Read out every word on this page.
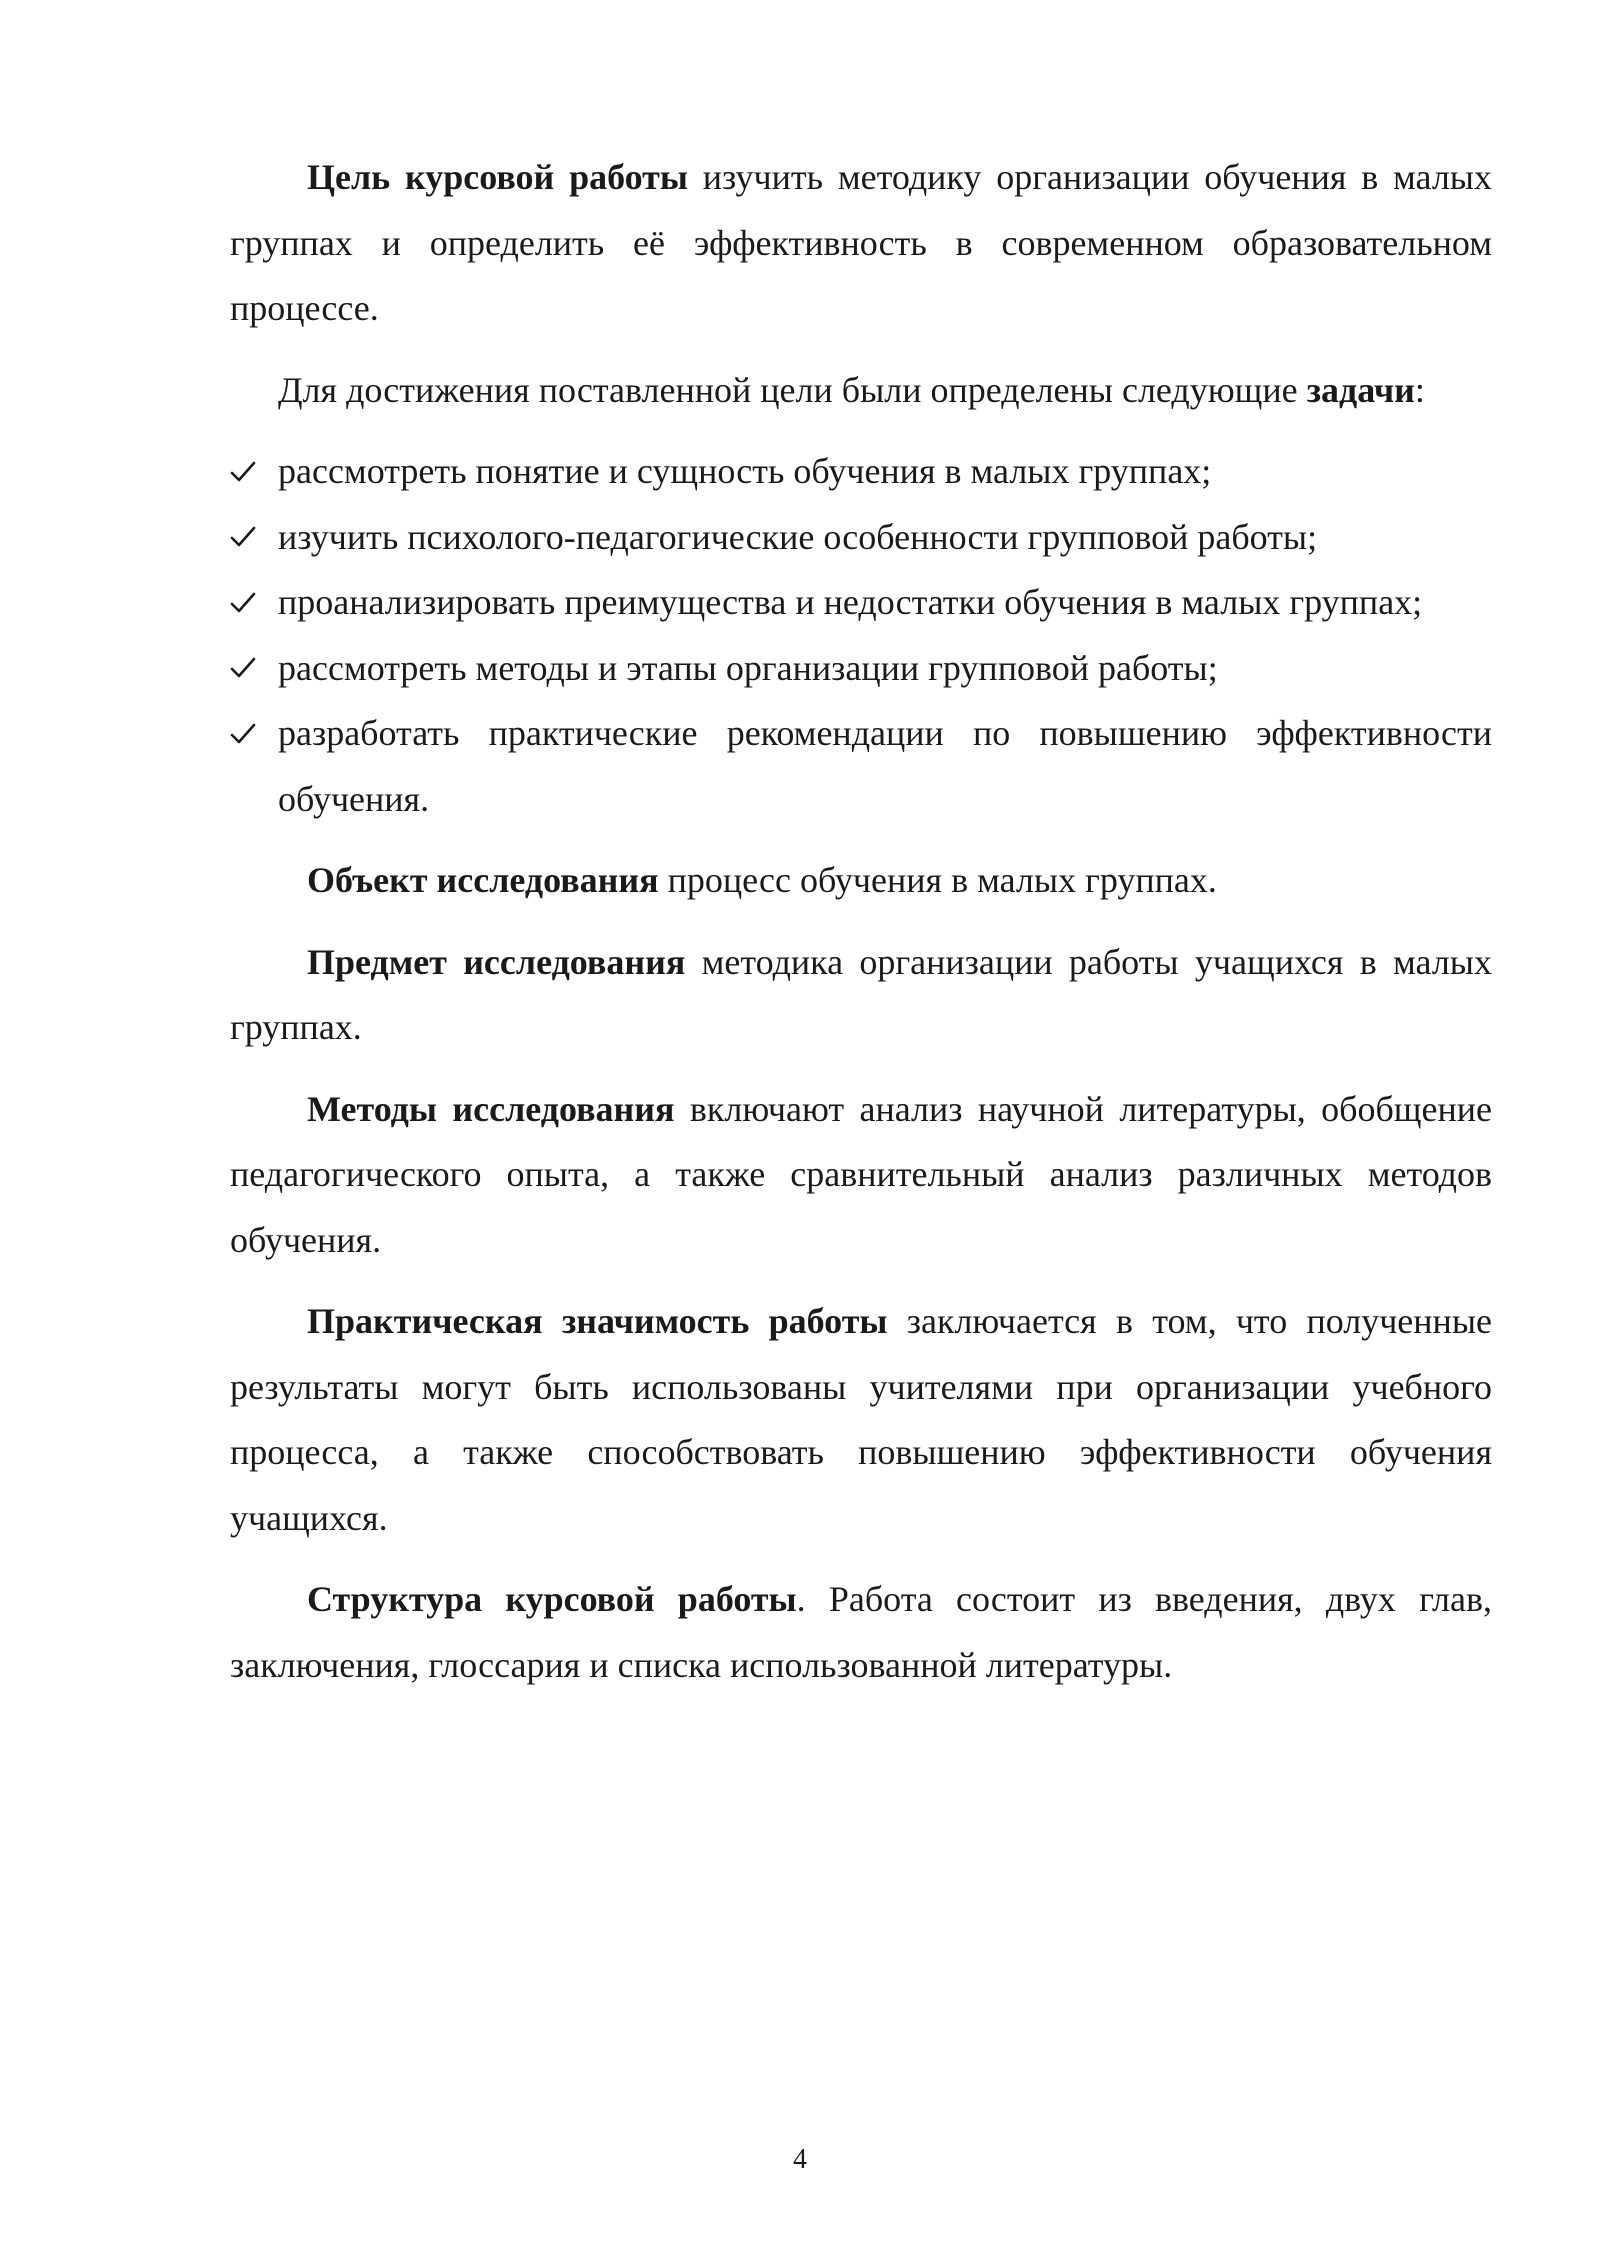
Цель курсовой работы изучить методику организации обучения в малых группах и определить её эффективность в современном образовательном процессе.

Для достижения поставленной цели были определены следующие задачи:

рассмотреть понятие и сущность обучения в малых группах;
изучить психолого-педагогические особенности групповой работы;
проанализировать преимущества и недостатки обучения в малых группах;
рассмотреть методы и этапы организации групповой работы;
разработать практические рекомендации по повышению эффективности обучения.

Объект исследования процесс обучения в малых группах.

Предмет исследования методика организации работы учащихся в малых группах.

Методы исследования включают анализ научной литературы, обобщение педагогического опыта, а также сравнительный анализ различных методов обучения.

Практическая значимость работы заключается в том, что полученные результаты могут быть использованы учителями при организации учебного процесса, а также способствовать повышению эффективности обучения учащихся.

Структура курсовой работы. Работа состоит из введения, двух глав, заключения, глоссария и списка использованной литературы.

4
